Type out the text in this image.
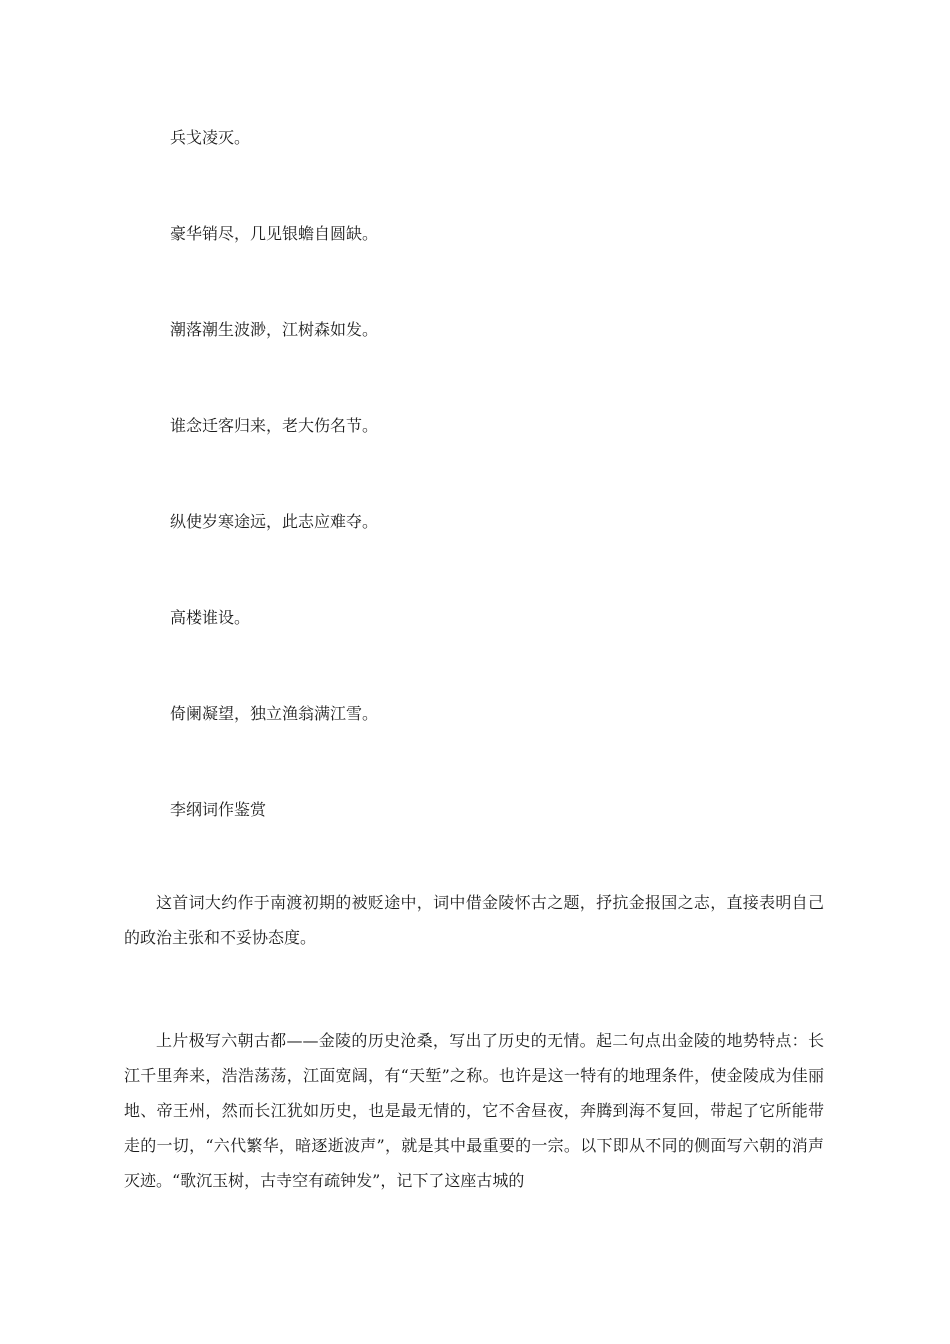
兵戈凌灭。
豪华销尽，几见银蟾自圆缺。
潮落潮生波渺，江树森如发。
谁念迁客归来，老大伤名节。
纵使岁寒途远，此志应难夺。
高楼谁设。
倚阑凝望，独立渔翁满江雪。
李纲词作鉴赏

这首词大约作于南渡初期的被贬途中，词中借金陵怀古之题，抒抗金报国之志，直接表明自己的政治主张和不妥协态度。

上片极写六朝古都——金陵的历史沧桑，写出了历史的无情。起二句点出金陵的地势特点：长江千里奔来，浩浩荡荡，江面宽阔，有“天堑”之称。也许是这一特有的地理条件，使金陵成为佳丽地、帝王州，然而长江犹如历史，也是最无情的，它不舍昼夜，奔腾到海不复回，带起了它所能带走的一切，“六代繁华，暗逐逝波声”，就是其中最重要的一宗。以下即从不同的侧面写六朝的消声灭迹。“歌沉玉树，古寺空有疏钟发”，记下了这座古城的
